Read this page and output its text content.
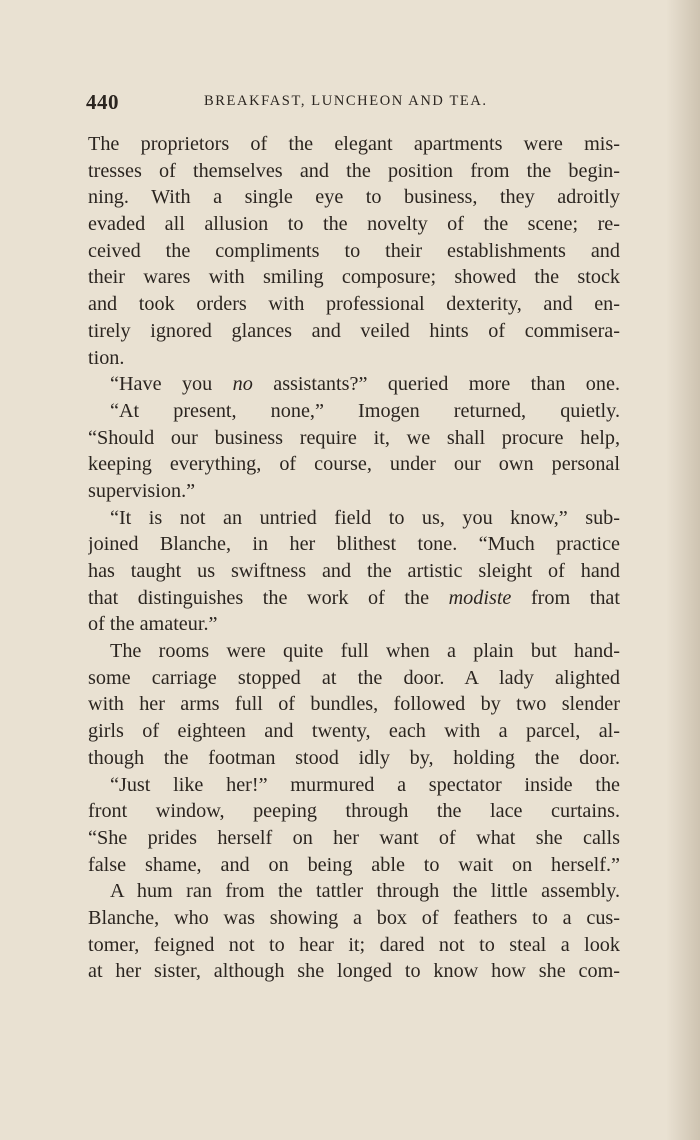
440	BREAKFAST, LUNCHEON AND TEA.
The proprietors of the elegant apartments were mis-
tresses of themselves and the position from the begin-
ning. With a single eye to business, they adroitly
evaded all allusion to the novelty of the scene; re-
ceived the compliments to their establishments and
their wares with smiling composure; showed the stock
and took orders with professional dexterity, and en-
tirely ignored glances and veiled hints of commisera-
tion.
“Have you no assistants?” queried more than one.
“At present, none,” Imogen returned, quietly.
“Should our business require it, we shall procure help,
keeping everything, of course, under our own personal
supervision.”
“It is not an untried field to us, you know,” sub-
joined Blanche, in her blithest tone. “Much practice
has taught us swiftness and the artistic sleight of hand
that distinguishes the work of the modiste from that
of the amateur.”
The rooms were quite full when a plain but hand-
some carriage stopped at the door. A lady alighted
with her arms full of bundles, followed by two slender
girls of eighteen and twenty, each with a parcel, al-
though the footman stood idly by, holding the door.
“Just like her!” murmured a spectator inside the
front window, peeping through the lace curtains.
“She prides herself on her want of what she calls
false shame, and on being able to wait on herself.”
A hum ran from the tattler through the little assembly.
Blanche, who was showing a box of feathers to a cus-
tomer, feigned not to hear it; dared not to steal a look
at her sister, although she longed to know how she com-
